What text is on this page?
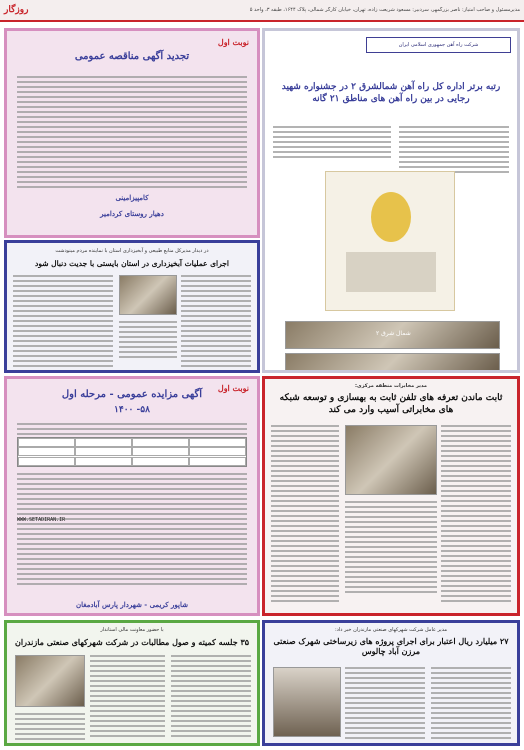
مدیرمسئول و صاحب امتیاز: ناصر بزرگمهر، سردبیر: مسعود شریعت زاده، تهران، خیابان کارگر شمالی، پلاک ۱۶۴۴، طبقه ۳، واحد ۵
روزگار
شرکت راه آهن جمهوری اسلامی ایران
رتبه برتر اداره کل راه آهن شمالشرق ۲ در جشنواره شهید رجایی در بین راه آهن های مناطق ۲۱ گانه
شمال شرق ۲
نوبت اول
تجدید آگهی مناقصه عمومی
کامپیزامینی
دهیار روستای کردامیر
در دیدار مدیرکل منابع طبیعی و آبخیزداری استان با نماینده مردم مینودشت
اجرای عملیات آبخیزداری در استان بایستی با جدیت دنبال شود
مدیر مخابرات منطقه مرکزی:
ثابت ماندن تعرفه های تلفن ثابت به بهسازی و توسعه شبکه های مخابراتی آسیب وارد می کند
نوبت اول
آگهی مزایده عمومی - مرحله اول
۵۸- ۱۴۰۰
WWW.SETADIRAN.IR
شاپور کریمی - شهردار پارس آبادمغان
با حضور معاونت مالی استاندار
۳۵ جلسه کمیته و صول مطالبات در شرکت شهرکهای صنعتی مازندران
مدیر عامل شرکت شهرکهای صنعتی مازندران خبر داد:
۲۷ میلیارد ریال اعتبار برای اجرای پروژه های زیرساختی شهرک صنعتی مرزن آباد چالوس
